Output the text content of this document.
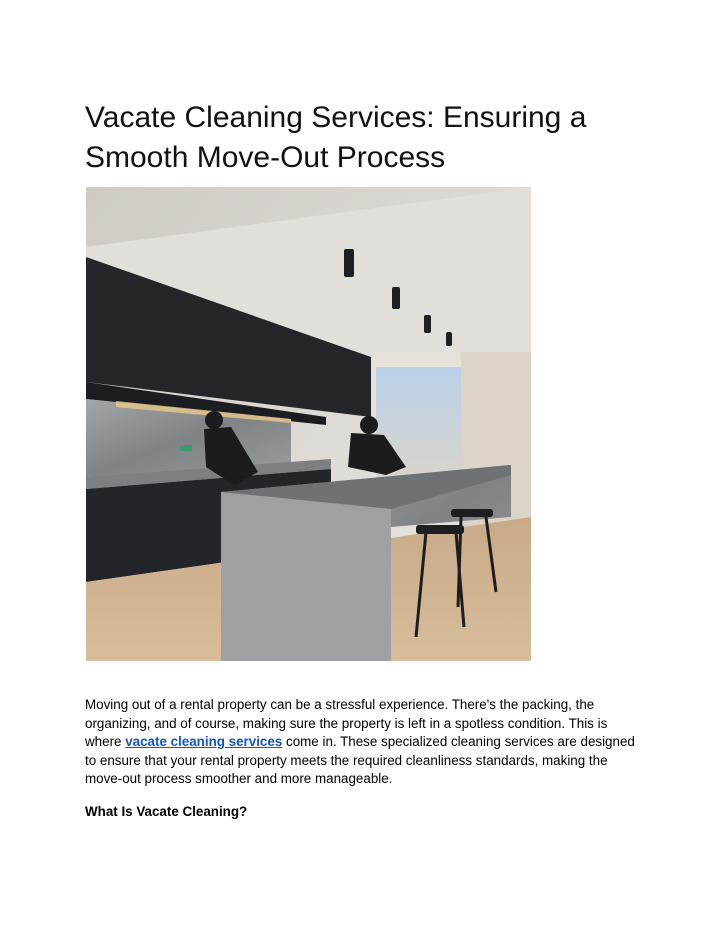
Vacate Cleaning Services: Ensuring a Smooth Move-Out Process

Moving out of a rental property can be a stressful experience. There's the packing, the organizing, and of course, making sure the property is left in a spotless condition. This is where vacate cleaning services come in. These specialized cleaning services are designed to ensure that your rental property meets the required cleanliness standards, making the move-out process smoother and more manageable.

What Is Vacate Cleaning?
